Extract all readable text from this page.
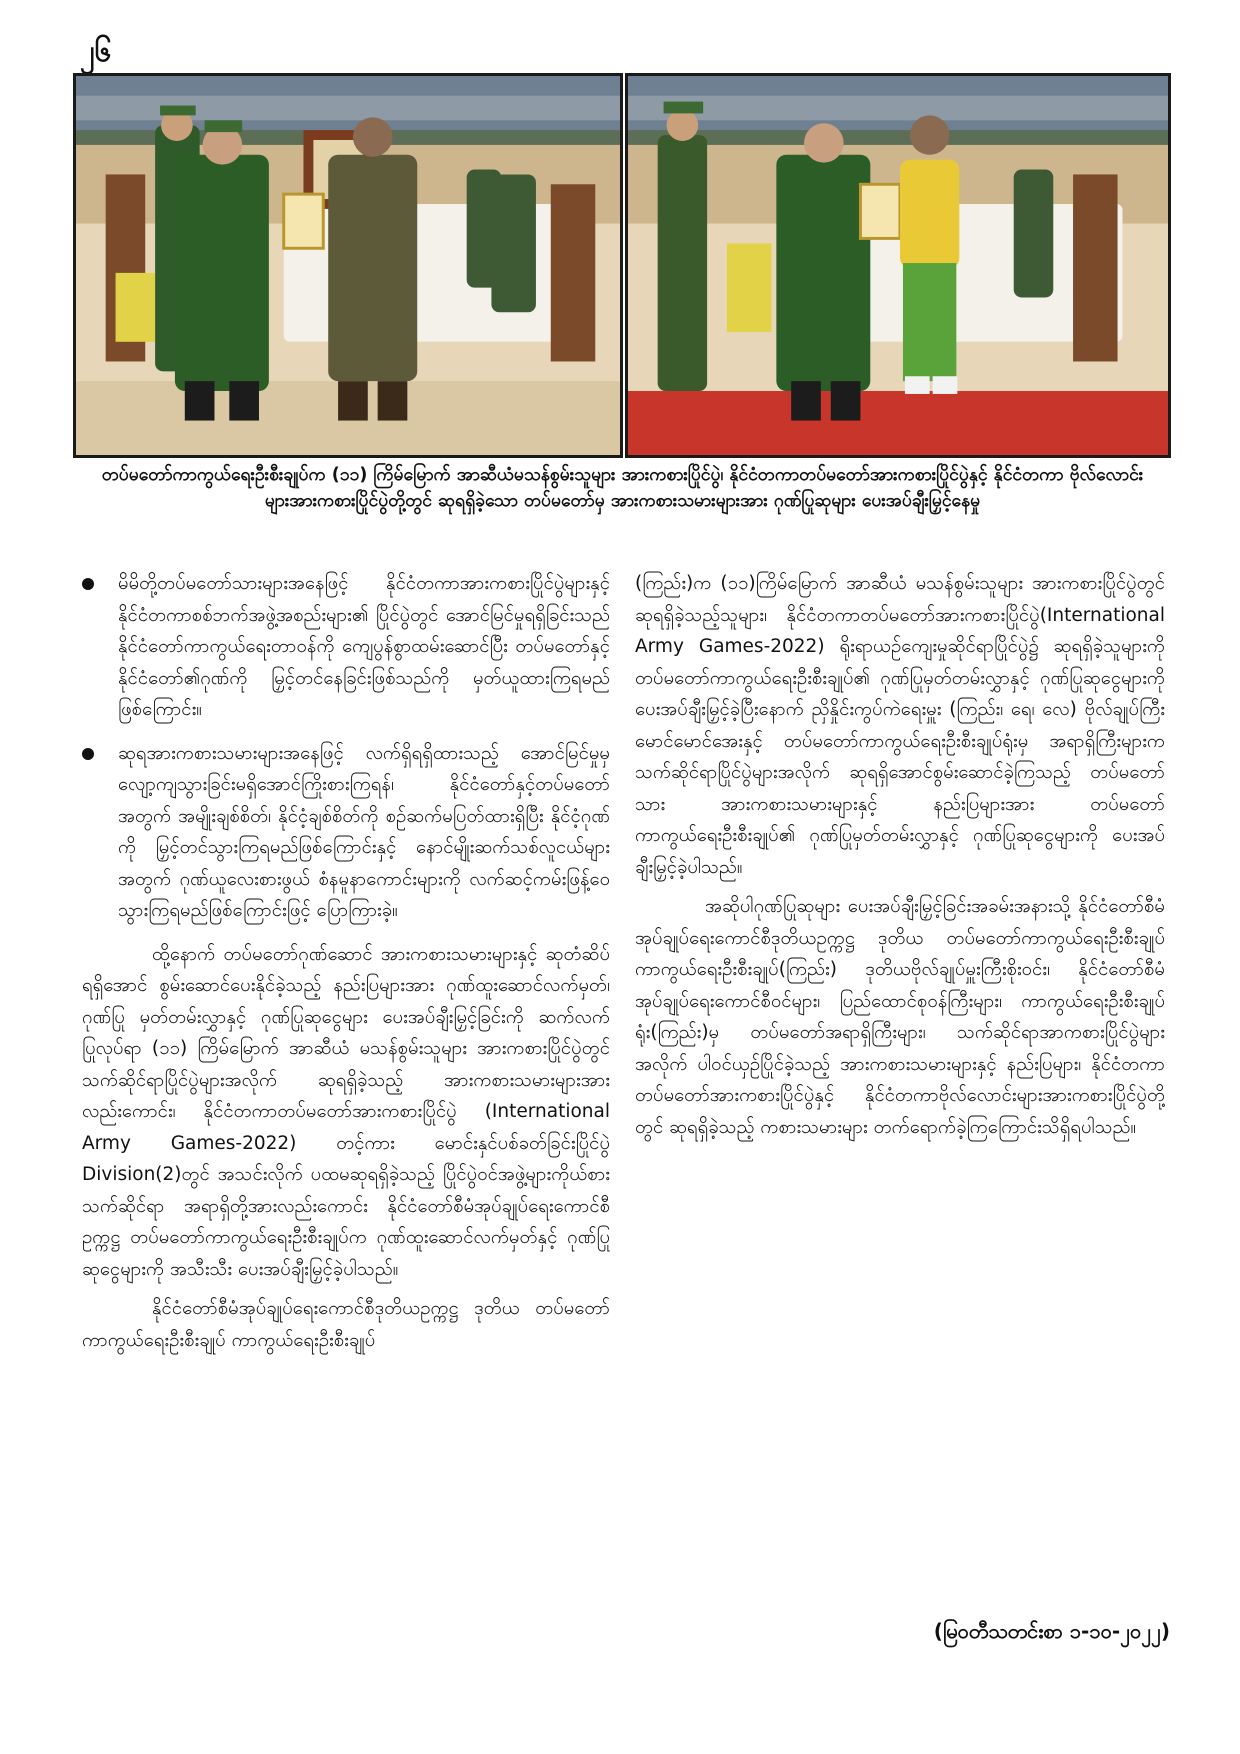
၂၆
တပ်မတော်ကာကွယ်ရေးဦးစီးချုပ်က (၁၁) ကြိမ်မြောက် အာဆီယံမသန်စွမ်းသူများ အားကစားပြိုင်ပွဲ၊ နိုင်ငံတကာတပ်မတော်အားကစားပြိုင်ပွဲနှင့် နိုင်ငံတကာ ဗိုလ်လောင်းများအားကစားပြိုင်ပွဲတို့တွင် ဆုရရှိခဲ့သော တပ်မတော်မှ အားကစားသမားများအား ဂုဏ်ပြုဆုများ ပေးအပ်ချီးမြှင့်နေမှု

မိမိတို့တပ်မတော်သားများအနေဖြင့် နိုင်ငံတကာအားကစားပြိုင်ပွဲများနှင့် နိုင်ငံတကာစစ်ဘက်အဖွဲ့အစည်းများ၏ ပြိုင်ပွဲတွင် အောင်မြင်မှုရရှိခြင်းသည် နိုင်ငံတော်ကာကွယ်ရေးတာဝန်ကို ကျေပွန်စွာထမ်းဆောင်ပြီး တပ်မတော်နှင့် နိုင်ငံတော်၏ဂုဏ်ကို မြှင့်တင်နေခြင်းဖြစ်သည်ကို မှတ်ယူထားကြရမည်ဖြစ်ကြောင်း။

ဆုရအားကစားသမားများအနေဖြင့် လက်ရှိရရှိထားသည့် အောင်မြင်မှုမှ လျော့ကျသွားခြင်းမရှိအောင်ကြိုးစားကြရန်၊ နိုင်ငံတော်နှင့်တပ်မတော်အတွက် အမျိုးချစ်စိတ်၊ နိုင်ငံ့ချစ်စိတ်ကို စဉ်ဆက်မပြတ်ထားရှိပြီး နိုင်ငံ့ဂုဏ်ကို မြှင့်တင်သွားကြရမည်ဖြစ်ကြောင်းနှင့် နောင်မျိုးဆက်သစ်လူငယ်များအတွက် ဂုဏ်ယူလေးစားဖွယ် စံနမူနာကောင်းများကို လက်ဆင့်ကမ်းဖြန့်ဝေသွားကြရမည်ဖြစ်ကြောင်းဖြင့် ပြောကြားခဲ့။

ထို့နောက် တပ်မတော်ဂုဏ်ဆောင် အားကစားသမားများနှင့် ဆုတံဆိပ်ရရှိအောင် စွမ်းဆောင်ပေးနိုင်ခဲ့သည့် နည်းပြများအား ဂုဏ်ထူးဆောင်လက်မှတ်၊ ဂုဏ်ပြု မှတ်တမ်းလွှာနှင့် ဂုဏ်ပြုဆုငွေများ ပေးအပ်ချီးမြှင့်ခြင်းကို ဆက်လက်ပြုလုပ်ရာ (၁၁) ကြိမ်မြောက် အာဆီယံ မသန်စွမ်းသူများ အားကစားပြိုင်ပွဲတွင် သက်ဆိုင်ရာပြိုင်ပွဲများအလိုက် ဆုရရှိခဲ့သည့် အားကစားသမားများအားလည်းကောင်း၊ နိုင်ငံတကာတပ်မတော်အားကစားပြိုင်ပွဲ (International Army Games-2022) တင့်ကား မောင်းနှင်ပစ်ခတ်ခြင်းပြိုင်ပွဲ Division(2)တွင် အသင်းလိုက် ပထမဆုရရှိခဲ့သည့် ပြိုင်ပွဲဝင်အဖွဲ့များကိုယ်စား သက်ဆိုင်ရာ အရာရှိတို့အားလည်းကောင်း နိုင်ငံတော်စီမံအုပ်ချုပ်ရေးကောင်စီဥက္ကဋ္ဌ တပ်မတော်ကာကွယ်ရေးဦးစီးချုပ်က ဂုဏ်ထူးဆောင်လက်မှတ်နှင့် ဂုဏ်ပြုဆုငွေများကို အသီးသီး ပေးအပ်ချီးမြှင့်ခဲ့ပါသည်။

နိုင်ငံတော်စီမံအုပ်ချုပ်ရေးကောင်စီဒုတိယဥက္ကဋ္ဌ ဒုတိယ တပ်မတော်ကာကွယ်ရေးဦးစီးချုပ် ကာကွယ်ရေးဦးစီးချုပ်

(ကြည်း)က (၁၁)ကြိမ်မြောက် အာဆီယံ မသန်စွမ်းသူများ အားကစားပြိုင်ပွဲတွင် ဆုရရှိခဲ့သည့်သူများ၊ နိုင်ငံတကာတပ်မတော်အားကစားပြိုင်ပွဲ(International Army Games-2022) ရိုးရာယဉ်ကျေးမှုဆိုင်ရာပြိုင်ပွဲ၌ ဆုရရှိခဲ့သူများကို တပ်မတော်ကာကွယ်ရေးဦးစီးချုပ်၏ ဂုဏ်ပြုမှတ်တမ်းလွှာနှင့် ဂုဏ်ပြုဆုငွေများကို ပေးအပ်ချီးမြှင့်ခဲ့ပြီးနောက် ညှိနှိုင်းကွပ်ကဲရေးမှူး (ကြည်း၊ ရေ၊ လေ) ဗိုလ်ချုပ်ကြီးမောင်မောင်အေးနှင့် တပ်မတော်ကာကွယ်ရေးဦးစီးချုပ်ရုံးမှ အရာရှိကြီးများက သက်ဆိုင်ရာပြိုင်ပွဲများအလိုက် ဆုရရှိအောင်စွမ်းဆောင်ခဲ့ကြသည့် တပ်မတော်သား အားကစားသမားများနှင့် နည်းပြများအား တပ်မတော်ကာကွယ်ရေးဦးစီးချုပ်၏ ဂုဏ်ပြုမှတ်တမ်းလွှာနှင့် ဂုဏ်ပြုဆုငွေများကို ပေးအပ်ချီးမြှင့်ခဲ့ပါသည်။

အဆိုပါဂုဏ်ပြုဆုများ ပေးအပ်ချီးမြှင့်ခြင်းအခမ်းအနားသို့ နိုင်ငံတော်စီမံအုပ်ချုပ်ရေးကောင်စီဒုတိယဥက္ကဋ္ဌ ဒုတိယ တပ်မတော်ကာကွယ်ရေးဦးစီးချုပ် ကာကွယ်ရေးဦးစီးချုပ်(ကြည်း) ဒုတိယဗိုလ်ချုပ်မှူးကြီးစိုးဝင်း၊ နိုင်ငံတော်စီမံအုပ်ချုပ်ရေးကောင်စီဝင်များ၊ ပြည်ထောင်စုဝန်ကြီးများ၊ ကာကွယ်ရေးဦးစီးချုပ်ရုံး(ကြည်း)မှ တပ်မတော်အရာရှိကြီးများ၊ သက်ဆိုင်ရာအာကစားပြိုင်ပွဲများအလိုက် ပါဝင်ယှဉ်ပြိုင်ခဲ့သည့် အားကစားသမားများနှင့် နည်းပြများ၊ နိုင်ငံတကာတပ်မတော်အားကစားပြိုင်ပွဲနှင့် နိုင်ငံတကာဗိုလ်လောင်းများအားကစားပြိုင်ပွဲတို့တွင် ဆုရရှိခဲ့သည့် ကစားသမားများ တက်ရောက်ခဲ့ကြကြောင်းသိရှိရပါသည်။

(မြဝတီသတင်းစာ ၁-၁၀-၂၀၂၂)
